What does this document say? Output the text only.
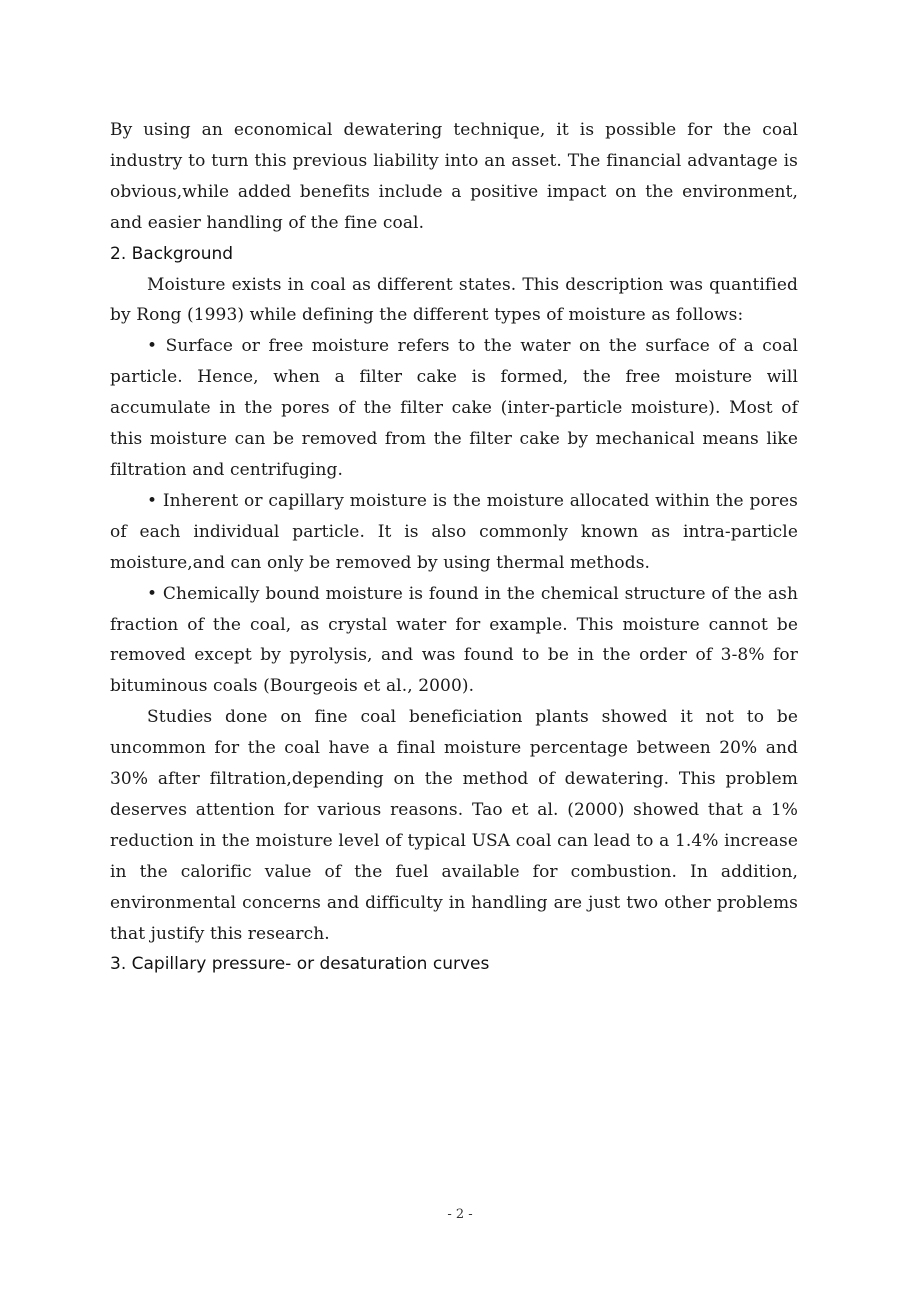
By using an economical dewatering technique, it is possible for the coal industry to turn this previous liability into an asset. The financial advantage is obvious,while added benefits include a positive impact on the environment, and easier handling of the fine coal.

2. Background

Moisture exists in coal as different states. This description was quantified by Rong (1993) while defining the different types of moisture as follows:

• Surface or free moisture refers to the water on the surface of a coal particle. Hence, when a filter cake is formed, the free moisture will accumulate in the pores of the filter cake (inter-particle moisture). Most of this moisture can be removed from the filter cake by mechanical means like filtration and centrifuging.

• Inherent or capillary moisture is the moisture allocated within the pores of each individual particle. It is also commonly known as intra-particle moisture,and can only be removed by using thermal methods.

• Chemically bound moisture is found in the chemical structure of the ash fraction of the coal, as crystal water for example. This moisture cannot be removed except by pyrolysis, and was found to be in the order of 3-8% for bituminous coals (Bourgeois et al., 2000).

Studies done on fine coal beneficiation plants showed it not to be uncommon for the coal have a final moisture percentage between 20% and 30% after filtration,depending on the method of dewatering. This problem deserves attention for various reasons. Tao et al. (2000) showed that a 1% reduction in the moisture level of typical USA coal can lead to a 1.4% increase in the calorific value of the fuel available for combustion. In addition, environmental concerns and difficulty in handling are just two other problems that justify this research.

3. Capillary pressure- or desaturation curves
- 2 -
